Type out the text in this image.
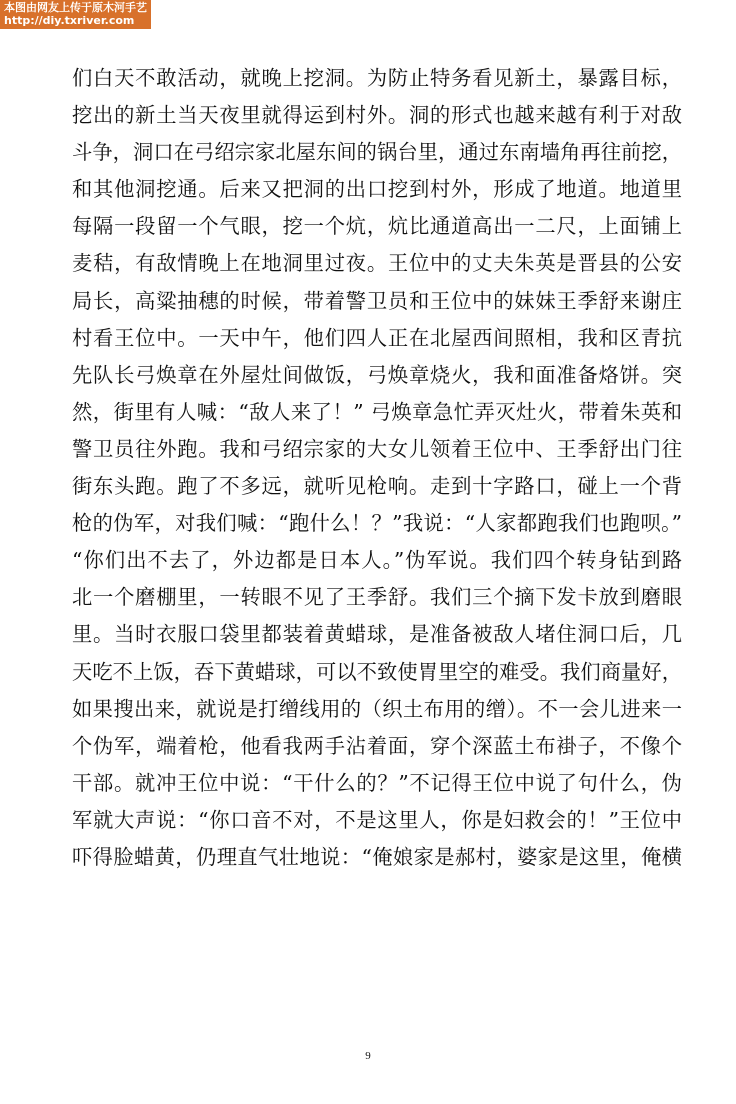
本图由网友上传于原木河手艺
http://diy.txriver.com
们白天不敢活动，就晚上挖洞。为防止特务看见新土，暴露目标，
挖出的新土当天夜里就得运到村外。洞的形式也越来越有利于对敌
斗争，洞口在弓绍宗家北屋东间的锅台里，通过东南墙角再往前挖，
和其他洞挖通。后来又把洞的出口挖到村外，形成了地道。地道里
每隔一段留一个气眼，挖一个炕，炕比通道高出一二尺，上面铺上
麦秸，有敌情晚上在地洞里过夜。王位中的丈夫朱英是晋县的公安
局长，高粱抽穗的时候，带着警卫员和王位中的妹妹王季舒来谢庄
村看王位中。一天中午，他们四人正在北屋西间照相，我和区青抗
先队长弓焕章在外屋灶间做饭，弓焕章烧火，我和面准备烙饼。突
然，街里有人喊：“敌人来了！” 弓焕章急忙弄灭灶火，带着朱英和
警卫员往外跑。我和弓绍宗家的大女儿领着王位中、王季舒出门往
街东头跑。跑了不多远，就听见枪响。走到十字路口，碰上一个背
枪的伪军，对我们喊：“跑什么！？”我说：“人家都跑我们也跑呗。”
“你们出不去了，外边都是日本人。”伪军说。我们四个转身钻到路
北一个磨棚里，一转眼不见了王季舒。我们三个摘下发卡放到磨眼
里。当时衣服口袋里都装着黄蜡球，是准备被敌人堵住洞口后，几
天吃不上饭，吞下黄蜡球，可以不致使胃里空的难受。我们商量好，
如果搜出来，就说是打缯线用的（织土布用的缯）。不一会儿进来一
个伪军，端着枪，他看我两手沾着面，穿个深蓝土布褂子，不像个
干部。就冲王位中说：“干什么的？”不记得王位中说了句什么，伪
军就大声说：“你口音不对，不是这里人，你是妇救会的！”王位中
吓得脸蜡黄，仍理直气壮地说：“俺娘家是郝村，婆家是这里，俺横
9
